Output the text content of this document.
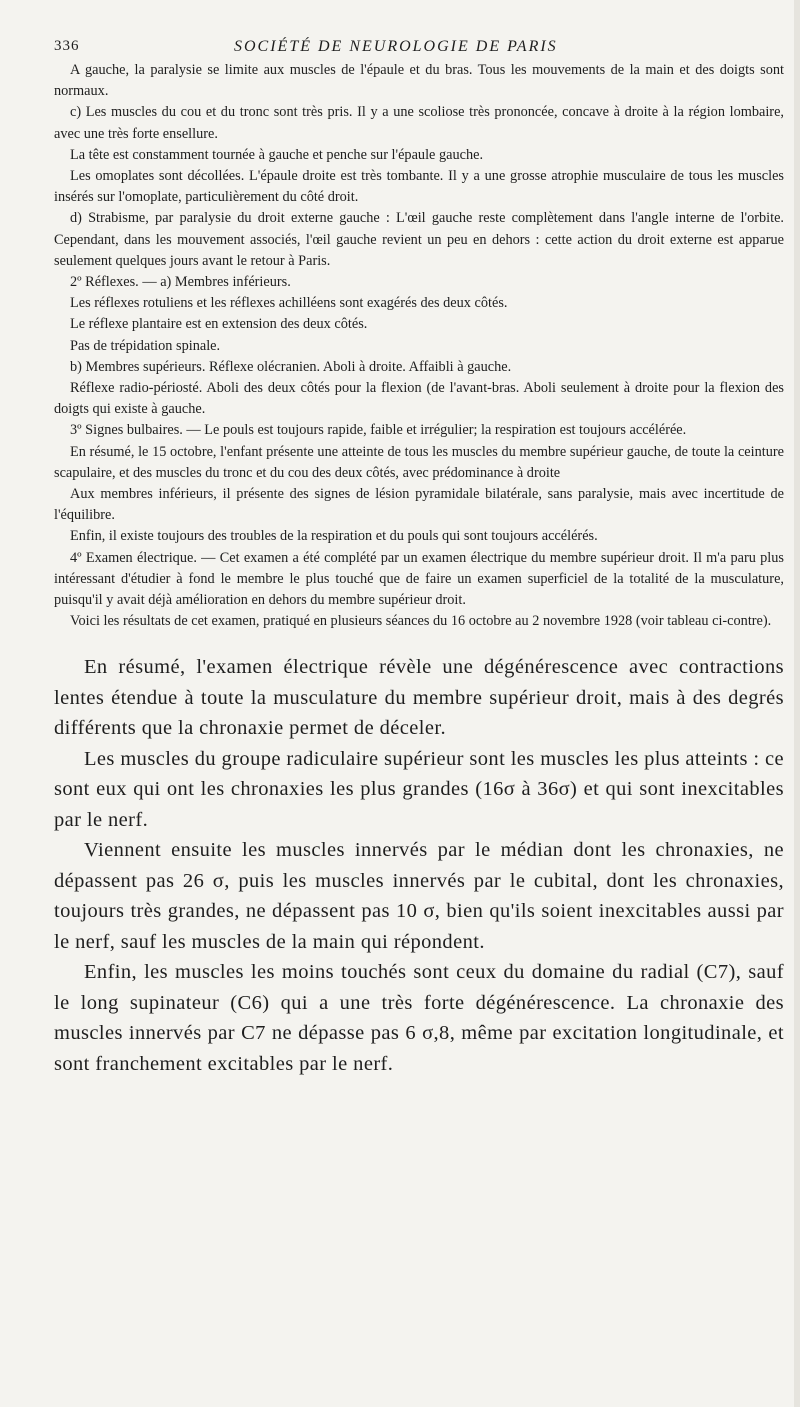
336	SOCIÉTÉ DE NEUROLOGIE DE PARIS

A gauche, la paralysie se limite aux muscles de l'épaule et du bras. Tous les mouvements de la main et des doigts sont normaux.

c) Les muscles du cou et du tronc sont très pris. Il y a une scoliose très prononcée, concave à droite à la région lombaire, avec une très forte ensellure.

La tête est constamment tournée à gauche et penche sur l'épaule gauche.

Les omoplates sont décollées. L'épaule droite est très tombante. Il y a une grosse atrophie musculaire de tous les muscles insérés sur l'omoplate, particulièrement du côté droit.

d) Strabisme, par paralysie du droit externe gauche : L'œil gauche reste complètement dans l'angle interne de l'orbite. Cependant, dans les mouvement associés, l'œil gauche revient un peu en dehors : cette action du droit externe est apparue seulement quelques jours avant le retour à Paris.

2º Réflexes. — a) Membres inférieurs.

Les réflexes rotuliens et les réflexes achilléens sont exagérés des deux côtés.

Le réflexe plantaire est en extension des deux côtés.

Pas de trépidation spinale.

b) Membres supérieurs. Réflexe olécranien. Aboli à droite. Affaibli à gauche.

Réflexe radio-périosté. Aboli des deux côtés pour la flexion (de l'avant-bras. Aboli seulement à droite pour la flexion des doigts qui existe à gauche.

3º Signes bulbaires. — Le pouls est toujours rapide, faible et irrégulier; la respiration est toujours accélérée.

En résumé, le 15 octobre, l'enfant présente une atteinte de tous les muscles du membre supérieur gauche, de toute la ceinture scapulaire, et des muscles du tronc et du cou des deux côtés, avec prédominance à droite

Aux membres inférieurs, il présente des signes de lésion pyramidale bilatérale, sans paralysie, mais avec incertitude de l'équilibre.

Enfin, il existe toujours des troubles de la respiration et du pouls qui sont toujours accélérés.

4º Examen électrique. — Cet examen a été complété par un examen électrique du membre supérieur droit. Il m'a paru plus intéressant d'étudier à fond le membre le plus touché que de faire un examen superficiel de la totalité de la musculature, puisqu'il y avait déjà amélioration en dehors du membre supérieur droit.

Voici les résultats de cet examen, pratiqué en plusieurs séances du 16 octobre au 2 novembre 1928 (voir tableau ci-contre).

En résumé, l'examen électrique révèle une dégénérescence avec contractions lentes étendue à toute la musculature du membre supérieur droit, mais à des degrés différents que la chronaxie permet de déceler.

Les muscles du groupe radiculaire supérieur sont les muscles les plus atteints : ce sont eux qui ont les chronaxies les plus grandes (16σ à 36σ) et qui sont inexcitables par le nerf.

Viennent ensuite les muscles innervés par le médian dont les chronaxies, ne dépassent pas 26 σ, puis les muscles innervés par le cubital, dont les chronaxies, toujours très grandes, ne dépassent pas 10 σ, bien qu'ils soient inexcitables aussi par le nerf, sauf les muscles de la main qui répondent.

Enfin, les muscles les moins touchés sont ceux du domaine du radial (C7), sauf le long supinateur (C6) qui a une très forte dégénérescence. La chronaxie des muscles innervés par C7 ne dépasse pas 6 σ,8, même par excitation longitudinale, et sont franchement excitables par le nerf.
